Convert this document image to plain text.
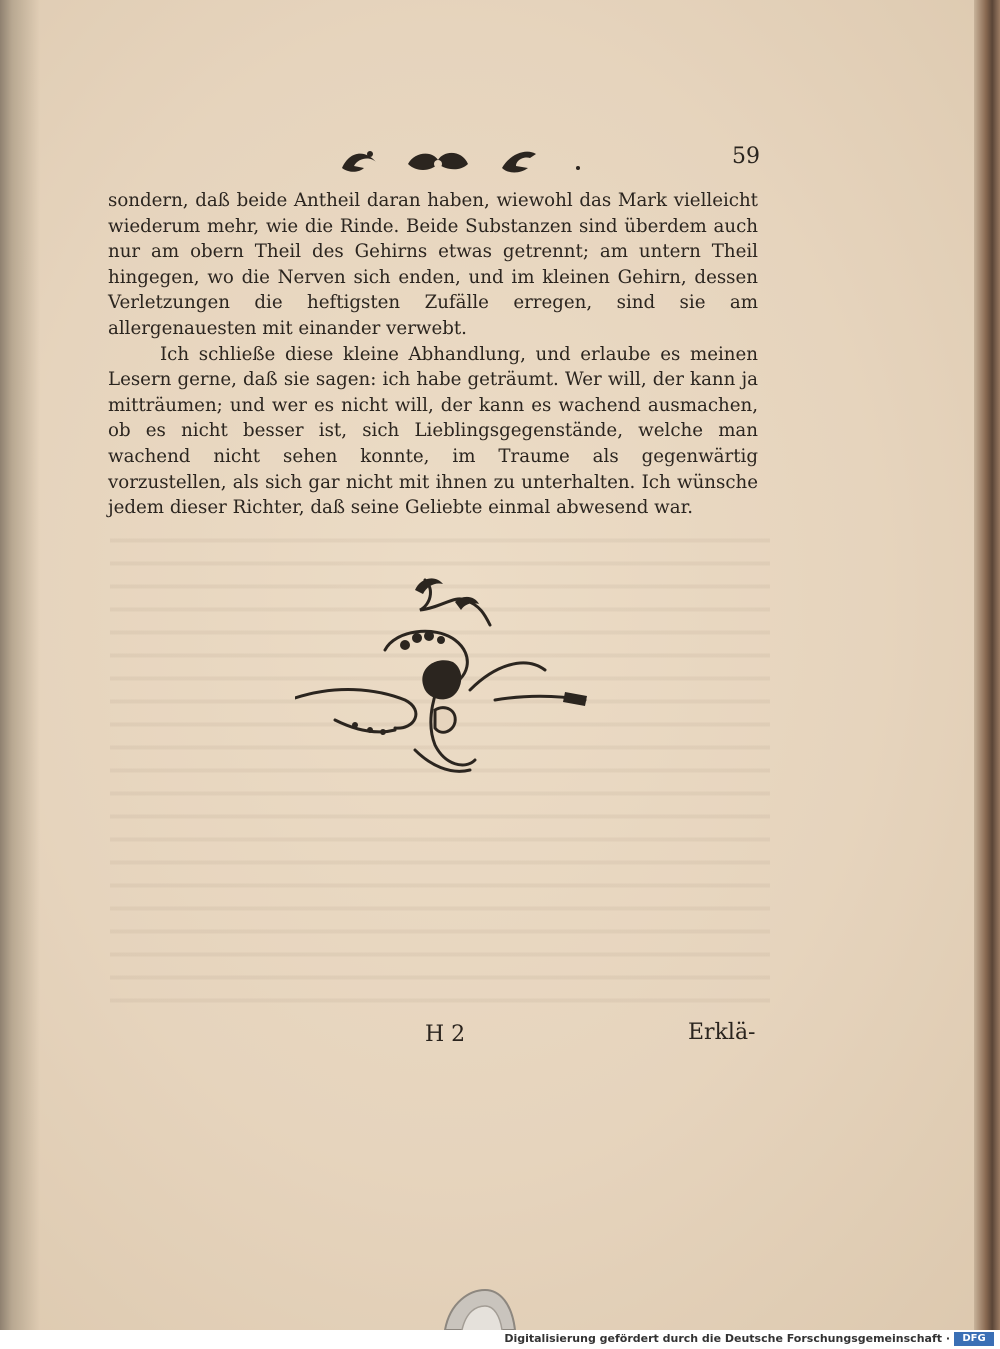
59

sondern, daß beide Antheil daran haben, wiewohl das Mark vielleicht wiederum mehr, wie die Rinde. Beide Substanzen sind überdem auch nur am obern Theil des Gehirns etwas getrennt; am untern Theil hingegen, wo die Nerven sich enden, und im kleinen Gehirn, dessen Verletzungen die heftigsten Zufälle erregen, sind sie am allergenauesten mit einander verwebt.

Ich schließe diese kleine Abhandlung, und erlaube es meinen Lesern gerne, daß sie sagen: ich habe geträumt. Wer will, der kann ja mitträumen; und wer es nicht will, der kann es wachend ausmachen, ob es nicht besser ist, sich Lieblingsgegenstände, welche man wachend nicht sehen konnte, im Traume als gegenwärtig vorzustellen, als sich gar nicht mit ihnen zu unterhalten. Ich wünsche jedem dieser Richter, daß seine Geliebte einmal abwesend war.

H 2	Erklä-
Digitalisierung gefördert durch die Deutsche Forschungsgemeinschaft ·	DFG
